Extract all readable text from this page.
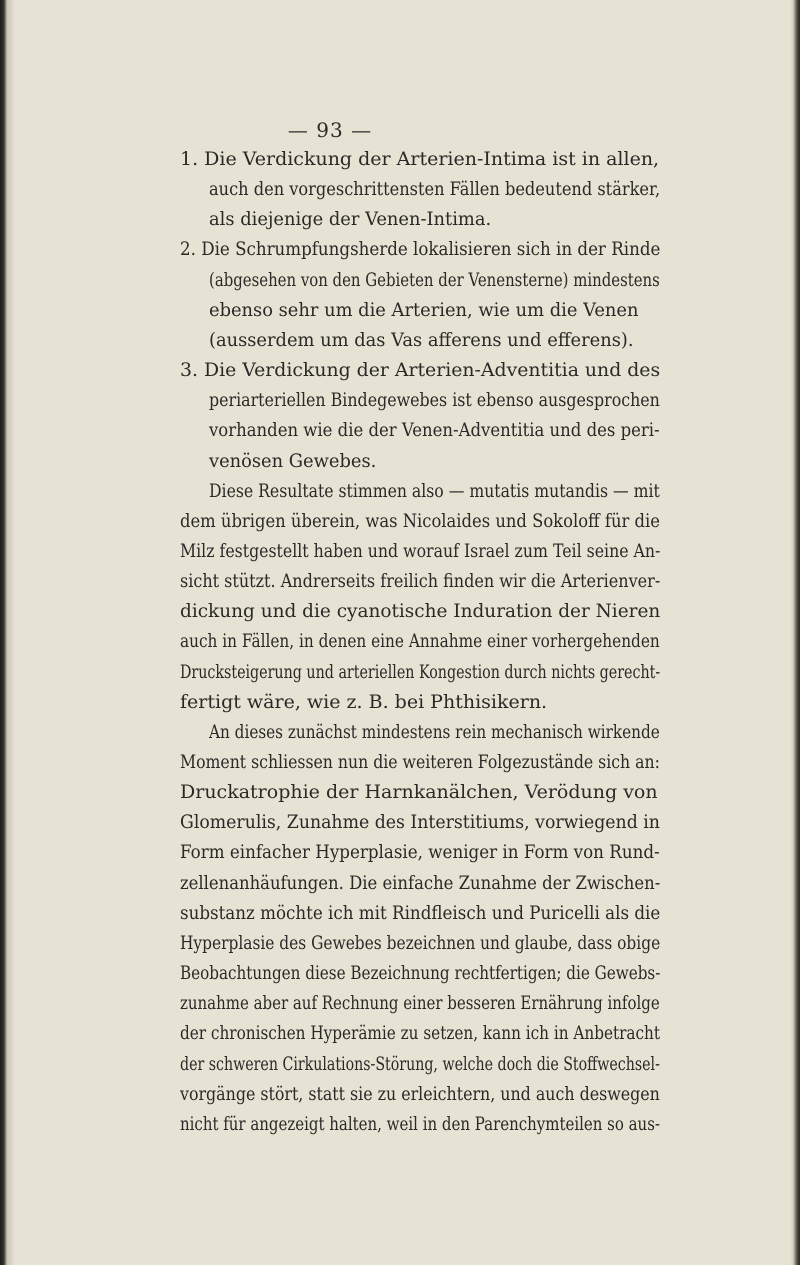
— 93 —
1. Die Verdickung der Arterien-Intima ist in allen,
auch den vorgeschrittensten Fällen bedeutend stärker,
als diejenige der Venen-Intima.
2. Die Schrumpfungsherde lokalisieren sich in der Rinde
(abgesehen von den Gebieten der Venensterne) mindestens
ebenso sehr um die Arterien, wie um die Venen
(ausserdem um das Vas afferens und efferens).
3. Die Verdickung der Arterien-Adventitia und des
periarteriellen Bindegewebes ist ebenso ausgesprochen
vorhanden wie die der Venen-Adventitia und des peri-
venösen Gewebes.
Diese Resultate stimmen also — mutatis mutandis — mit
dem übrigen überein, was Nicolaides und Sokoloff für die
Milz festgestellt haben und worauf Israel zum Teil seine An-
sicht stützt. Andrerseits freilich finden wir die Arterienver-
dickung und die cyanotische Induration der Nieren
auch in Fällen, in denen eine Annahme einer vorhergehenden
Drucksteigerung und arteriellen Kongestion durch nichts gerecht-
fertigt wäre, wie z. B. bei Phthisikern.
An dieses zunächst mindestens rein mechanisch wirkende
Moment schliessen nun die weiteren Folgezustände sich an:
Druckatrophie der Harnkanälchen, Verödung von
Glomerulis, Zunahme des Interstitiums, vorwiegend in
Form einfacher Hyperplasie, weniger in Form von Rund-
zellenanhäufungen. Die einfache Zunahme der Zwischen-
substanz möchte ich mit Rindfleisch und Puricelli als die
Hyperplasie des Gewebes bezeichnen und glaube, dass obige
Beobachtungen diese Bezeichnung rechtfertigen; die Gewebs-
zunahme aber auf Rechnung einer besseren Ernährung infolge
der chronischen Hyperämie zu setzen, kann ich in Anbetracht
der schweren Cirkulations-Störung, welche doch die Stoffwechsel-
vorgänge stört, statt sie zu erleichtern, und auch deswegen
nicht für angezeigt halten, weil in den Parenchymteilen so aus-
